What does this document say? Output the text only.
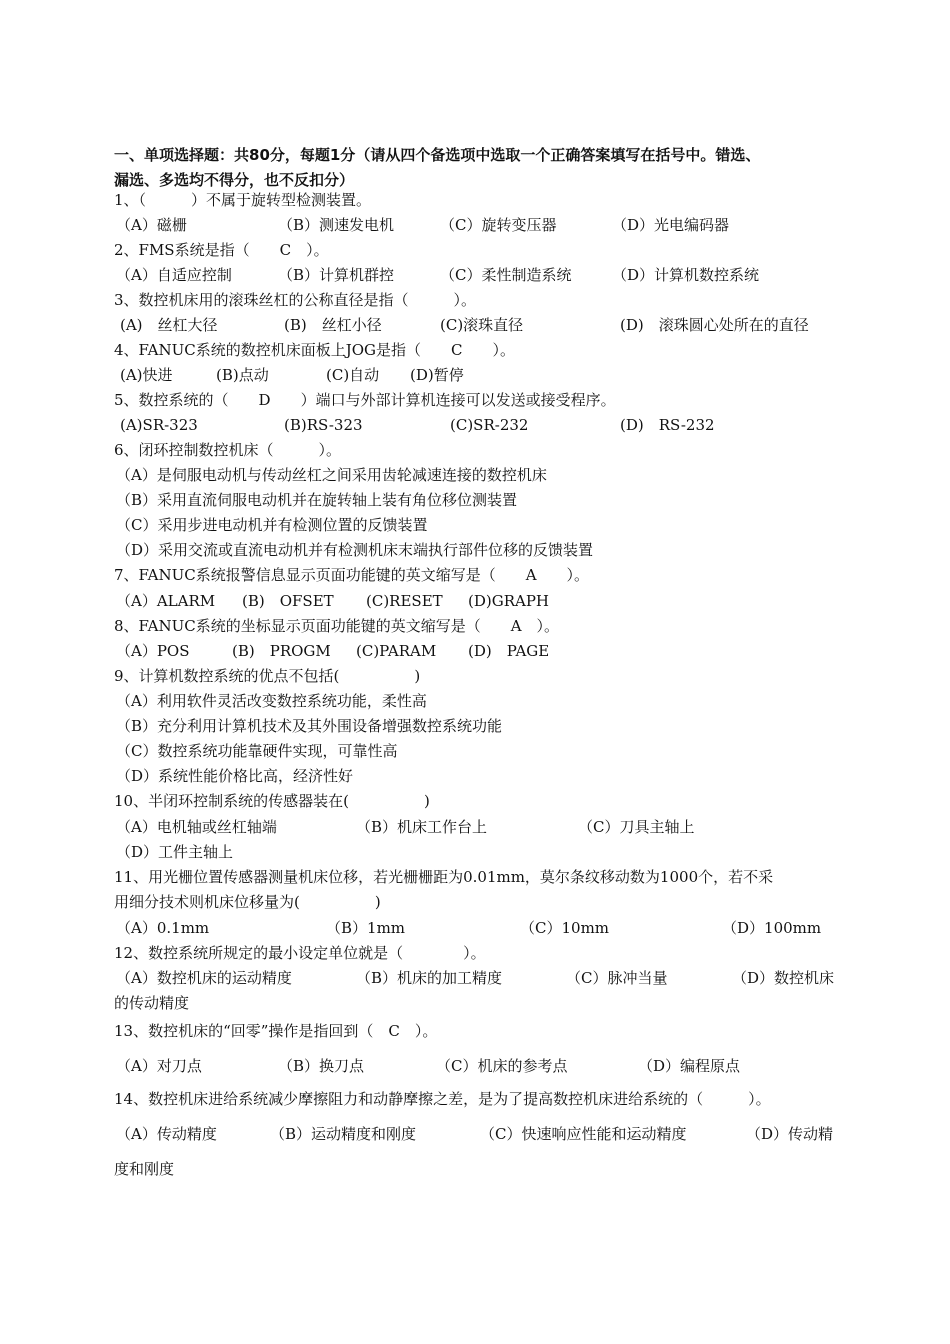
一、单项选择题：共80分，每题1分（请从四个备选项中选取一个正确答案填写在括号中。错选、
漏选、多选均不得分，也不反扣分）
1、（　　　）不属于旋转型检测装置。
（A）磁栅	（B）测速发电机	（C）旋转变压器	（D）光电编码器
2、FMS系统是指（　　C　）。
（A）自适应控制	（B）计算机群控	（C）柔性制造系统	（D）计算机数控系统
3、数控机床用的滚珠丝杠的公称直径是指（　　　）。
(A)　丝杠大径	(B)　丝杠小径	(C)滚珠直径	(D)　滚珠圆心处所在的直径
4、FANUC系统的数控机床面板上JOG是指（　　C　　）。
(A)快进	(B)点动	(C)自动 (D)暂停
5、数控系统的（　　D　　）端口与外部计算机连接可以发送或接受程序。
(A)SR-323	(B)RS-323	(C)SR-232	(D)　RS-232
6、闭环控制数控机床（　　　）。
（A）是伺服电动机与传动丝杠之间采用齿轮减速连接的数控机床
（B）采用直流伺服电动机并在旋转轴上装有角位移位测装置
（C）采用步进电动机并有检测位置的反馈装置
（D）采用交流或直流电动机并有检测机床末端执行部件位移的反馈装置
7、FANUC系统报警信息显示页面功能键的英文缩写是（　　A　　）。
（A）ALARM (B)　OFSET (C)RESET (D)GRAPH
8、FANUC系统的坐标显示页面功能键的英文缩写是（　　A　）。
（A）POS	(B)　PROGM (C)PARAM (D)　PAGE
9、计算机数控系统的优点不包括(　　　　　)
（A）利用软件灵活改变数控系统功能，柔性高
（B）充分利用计算机技术及其外围设备增强数控系统功能
（C）数控系统功能靠硬件实现，可靠性高
（D）系统性能价格比高，经济性好
10、半闭环控制系统的传感器装在(　　　　　)
（A）电机轴或丝杠轴端	（B）机床工作台上	（C）刀具主轴上
（D）工件主轴上
11、用光栅位置传感器测量机床位移，若光栅栅距为0.01mm，莫尔条纹移动数为1000个，若不采
用细分技术则机床位移量为(　　　　　)
（A）0.1mm	（B）1mm	（C）10mm	（D）100mm
12、数控系统所规定的最小设定单位就是（　　　　）。
（A）数控机床的运动精度	（B）机床的加工精度	（C）脉冲当量	（D）数控机床
的传动精度
13、数控机床的“回零”操作是指回到（　C　）。
（A）对刀点	（B）换刀点	（C）机床的参考点	（D）编程原点
14、数控机床进给系统减少摩擦阻力和动静摩擦之差，是为了提高数控机床进给系统的（　　　）。
（A）传动精度	（B）运动精度和刚度	（C）快速响应性能和运动精度	（D）传动精
度和刚度
